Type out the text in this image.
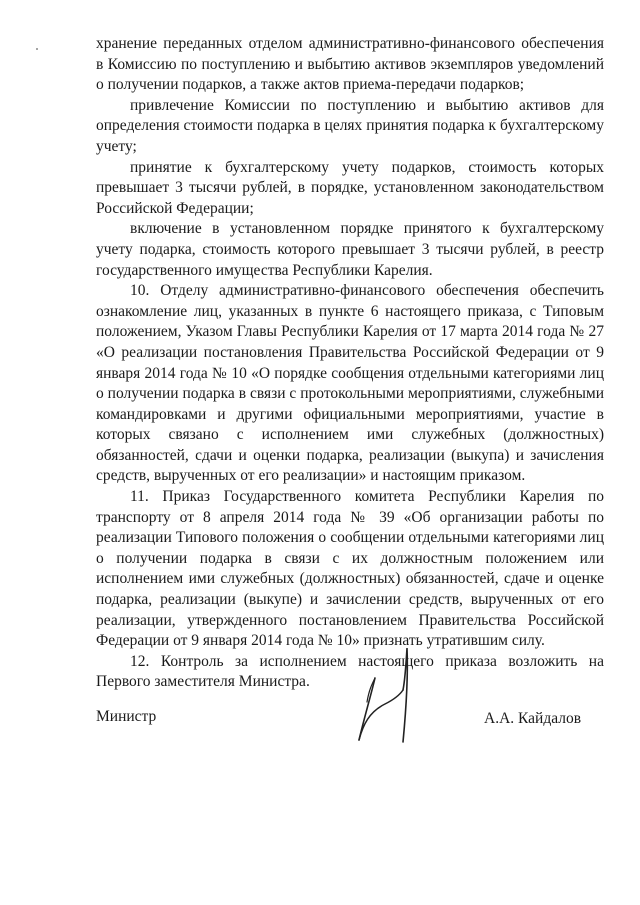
хранение переданных отделом административно-финансового обеспечения в Комиссию по поступлению и выбытию активов экземпляров уведомлений о получении подарков, а также актов приема-передачи подарков;

привлечение Комиссии по поступлению и выбытию активов для определения стоимости подарка в целях принятия подарка к бухгалтерскому учету;

принятие к бухгалтерскому учету подарков, стоимость которых превышает 3 тысячи рублей, в порядке, установленном законодательством Российской Федерации;

включение в установленном порядке принятого к бухгалтерскому учету подарка, стоимость которого превышает 3 тысячи рублей, в реестр государственного имущества Республики Карелия.

10. Отделу административно-финансового обеспечения обеспечить ознакомление лиц, указанных в пункте 6 настоящего приказа, с Типовым положением, Указом Главы Республики Карелия от 17 марта 2014 года № 27 «О реализации постановления Правительства Российской Федерации от 9 января 2014 года № 10 «О порядке сообщения отдельными категориями лиц о получении подарка в связи с протокольными мероприятиями, служебными командировками и другими официальными мероприятиями, участие в которых связано с исполнением ими служебных (должностных) обязанностей, сдачи и оценки подарка, реализации (выкупа) и зачисления средств, вырученных от его реализации» и настоящим приказом.

11. Приказ Государственного комитета Республики Карелия по транспорту от 8 апреля 2014 года № 39 «Об организации работы по реализации Типового положения о сообщении отдельными категориями лиц о получении подарка в связи с их должностным положением или исполнением ими служебных (должностных) обязанностей, сдаче и оценке подарка, реализации (выкупе) и зачислении средств, вырученных от его реализации, утвержденного постановлением Правительства Российской Федерации от 9 января 2014 года № 10» признать утратившим силу.

12. Контроль за исполнением настоящего приказа возложить на Первого заместителя Министра.

Министр	А.А. Кайдалов
